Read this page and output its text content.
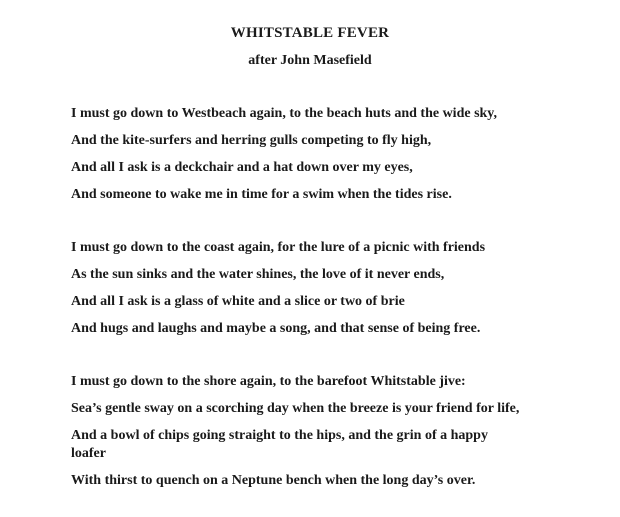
WHITSTABLE FEVER
after John Masefield
I must go down to Westbeach again, to the beach huts and the wide sky,
And the kite-surfers and herring gulls competing to fly high,
And all I ask is a deckchair and a hat down over my eyes,
And someone to wake me in time for a swim when the tides rise.
I must go down to the coast again, for the lure of a picnic with friends
As the sun sinks and the water shines, the love of it never ends,
And all I ask is a glass of white and a slice or two of brie
And hugs and laughs and maybe a song, and that sense of being free.
I must go down to the shore again, to the barefoot Whitstable jive:
Sea’s gentle sway on a scorching day when the breeze is your friend for life,
And a bowl of chips going straight to the hips, and the grin of a happy loafer
With thirst to quench on a Neptune bench when the long day’s over.
